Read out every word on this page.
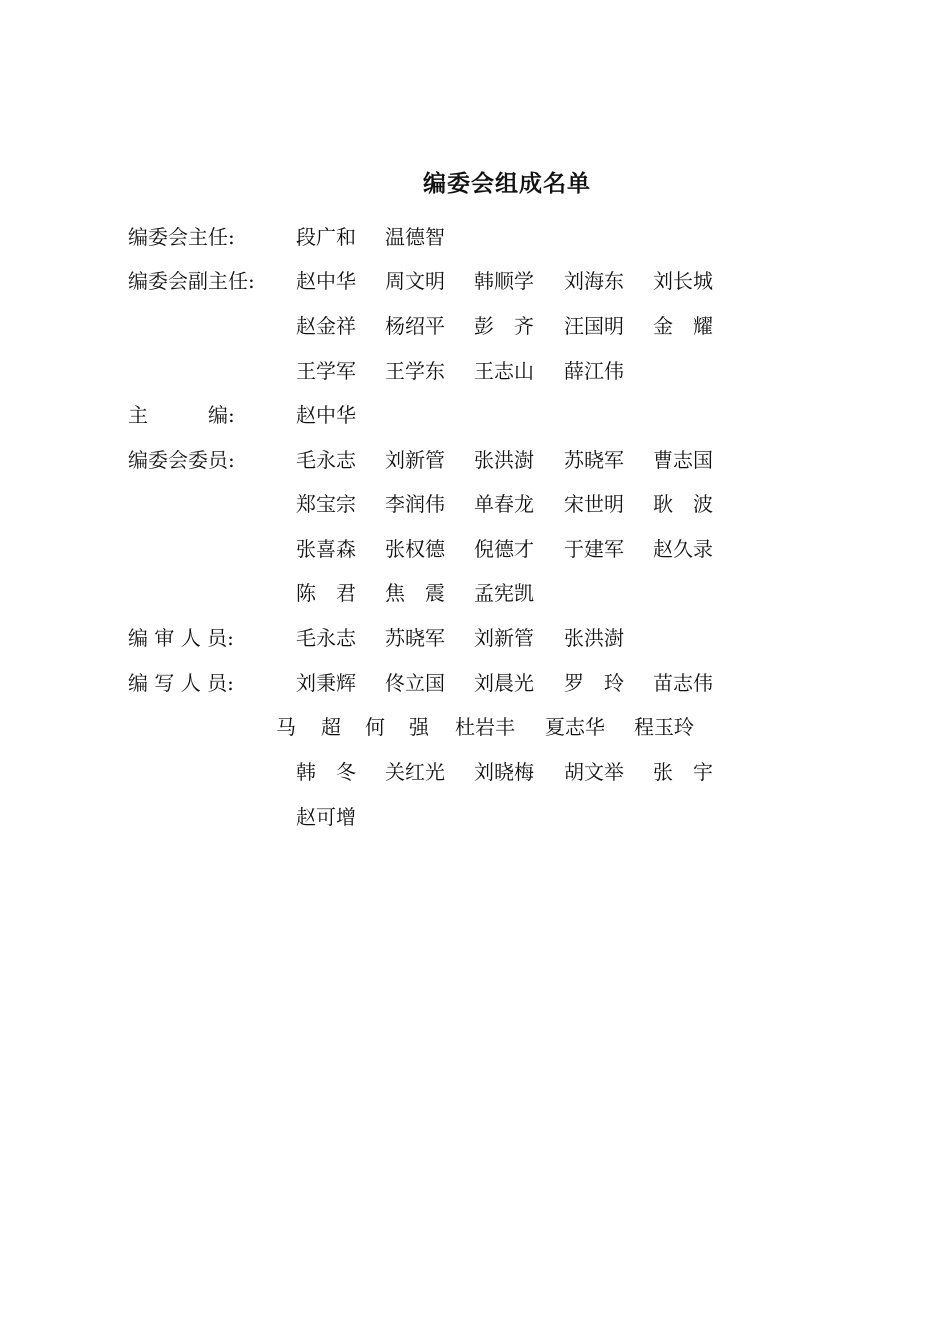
编委会组成名单
编委会主任:	段广和 温德智
编委会副主任: 赵中华 周文明 韩顺学 刘海东 刘长城
赵金祥 杨绍平 彭　齐 汪国明 金　耀
王学军 王学东 王志山 薛江伟
主　　　编:	赵中华
编委会委员:	毛永志 刘新管 张洪澍 苏晓军 曹志国
郑宝宗 李润伟 单春龙 宋世明 耿　波
张喜森 张权德 倪德才 于建军 赵久录
陈　君 焦　震 孟宪凯
编 审 人 员:	毛永志 苏晓军 刘新管 张洪澍
编 写 人 员:	刘秉辉 佟立国 刘晨光 罗　玲 苗志伟
马 超 何 强 杜岩丰 夏志华 程玉玲
韩　冬 关红光 刘晓梅 胡文举 张　宇
赵可增
